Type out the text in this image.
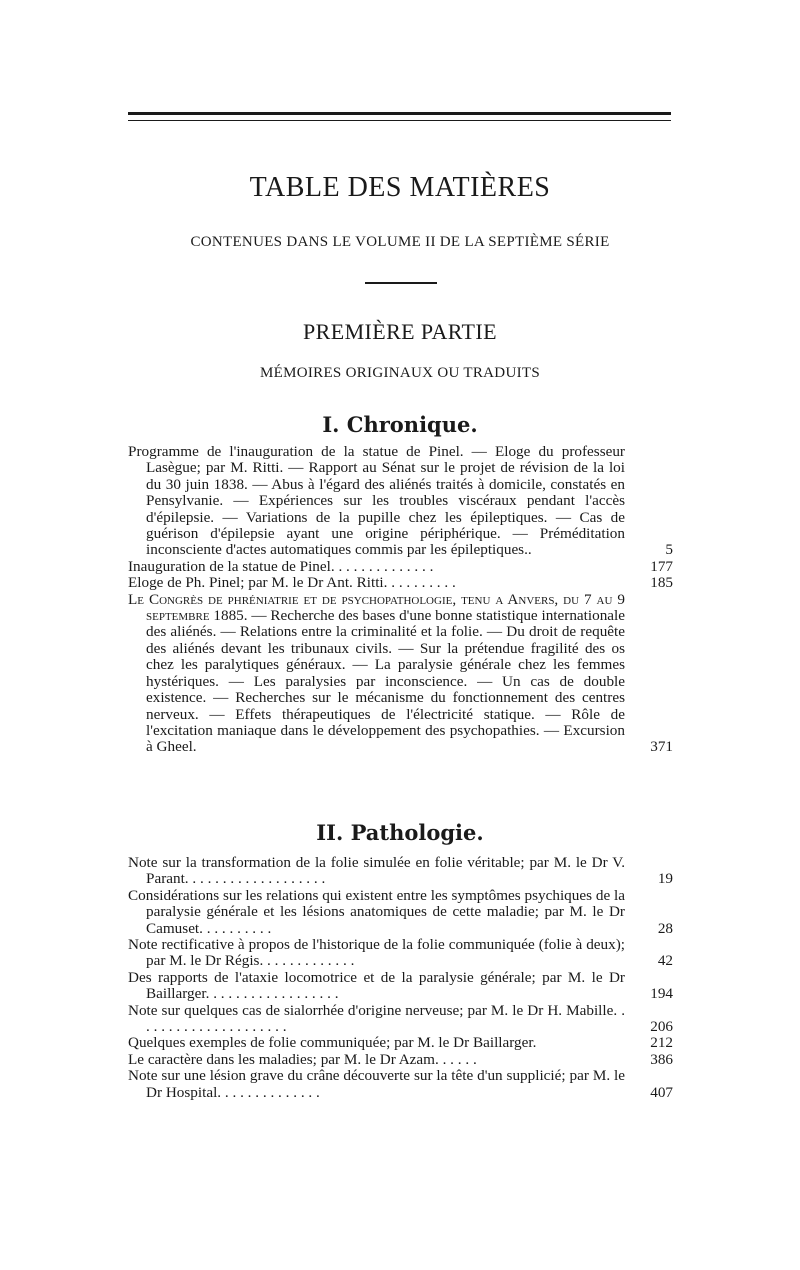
TABLE DES MATIÈRES
CONTENUES DANS LE VOLUME II DE LA SEPTIÈME SÉRIE
PREMIÈRE PARTIE
MÉMOIRES ORIGINAUX OU TRADUITS
I. Chronique.
Programme de l'inauguration de la statue de Pinel. — Eloge du professeur Lasègue; par M. Ritti. — Rapport au Sénat sur le projet de révision de la loi du 30 juin 1838. — Abus à l'égard des aliénés traités à domicile, constatés en Pensylvanie. — Expériences sur les troubles viscéraux pendant l'accès d'épilepsie. — Variations de la pupille chez les épileptiques. — Cas de guérison d'épilepsie ayant une origine périphérique. — Préméditation inconsciente d'actes automatiques commis par les épileptiques..	5
Inauguration de la statue de Pinel. . . . . . . . . . . . . .	177
Eloge de Ph. Pinel; par M. le Dr Ant. Ritti. . . . . . . . . .	185
Le Congrès de phréniatrie et de psychopathologie, tenu a Anvers, du 7 au 9 septembre 1885. — Recherche des bases d'une bonne statistique internationale des aliénés. — Relations entre la criminalité et la folie. — Du droit de requête des aliénés devant les tribunaux civils. — Sur la prétendue fragilité des os chez les paralytiques généraux. — La paralysie générale chez les femmes hystériques. — Les paralysies par inconscience. — Un cas de double existence. — Recherches sur le mécanisme du fonctionnement des centres nerveux. — Effets thérapeutiques de l'électricité statique. — Rôle de l'excitation maniaque dans le développement des psychopathies. — Excursion à Gheel.	371
II. Pathologie.
Note sur la transformation de la folie simulée en folie véritable; par M. le Dr V. Parant. . . . . . . . . . . . . . . . . . .	19
Considérations sur les relations qui existent entre les symptômes psychiques de la paralysie générale et les lésions anatomiques de cette maladie; par M. le Dr Camuset. . . . . . . . . .	28
Note rectificative à propos de l'historique de la folie communiquée (folie à deux); par M. le Dr Régis. . . . . . . . . . . . .	42
Des rapports de l'ataxie locomotrice et de la paralysie générale; par M. le Dr Baillarger. . . . . . . . . . . . . . . . . .	194
Note sur quelques cas de sialorrhée d'origine nerveuse; par M. le Dr H. Mabille. . . . . . . . . . . . . . . . . . . . .	206
Quelques exemples de folie communiquée; par M. le Dr Baillarger.	212
Le caractère dans les maladies; par M. le Dr Azam. . . . . .	386
Note sur une lésion grave du crâne découverte sur la tête d'un supplicié; par M. le Dr Hospital. . . . . . . . . . . . . .	407
